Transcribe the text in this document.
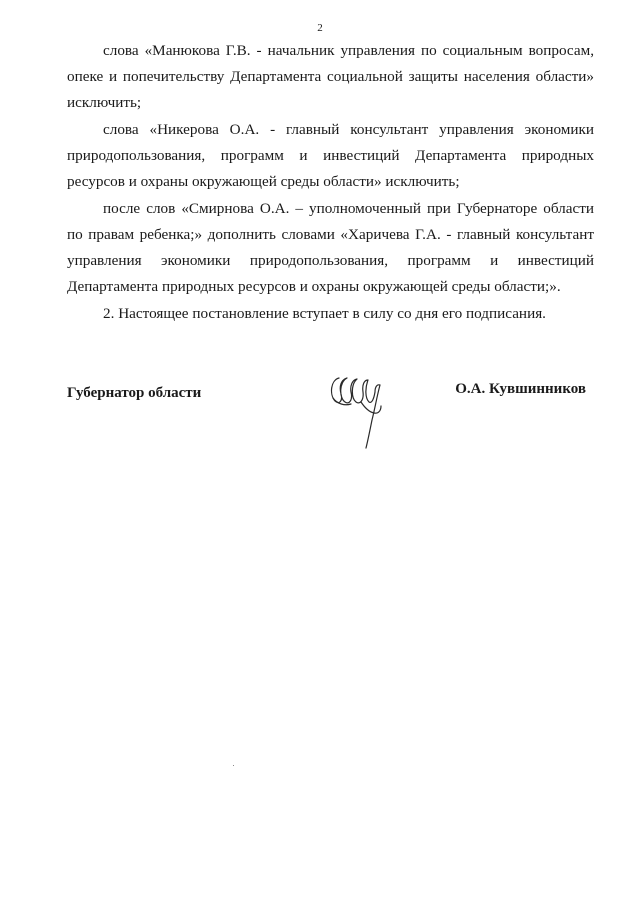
2

слова «Манюкова Г.В. - начальник управления по социальным вопросам, опеке и попечительству Департамента социальной защиты населения области» исключить;

слова «Никерова О.А. - главный консультант управления экономики природопользования, программ и инвестиций Департамента природных ресурсов и охраны окружающей среды области» исключить;

после слов «Смирнова О.А. – уполномоченный при Губернаторе области по правам ребенка;» дополнить словами «Харичева Г.А. - главный консультант управления экономики природопользования, программ и инвестиций Департамента природных ресурсов и охраны окружающей среды области;».

2. Настоящее постановление вступает в силу со дня его подписания.

Губернатор области	О.А. Кувшинников
